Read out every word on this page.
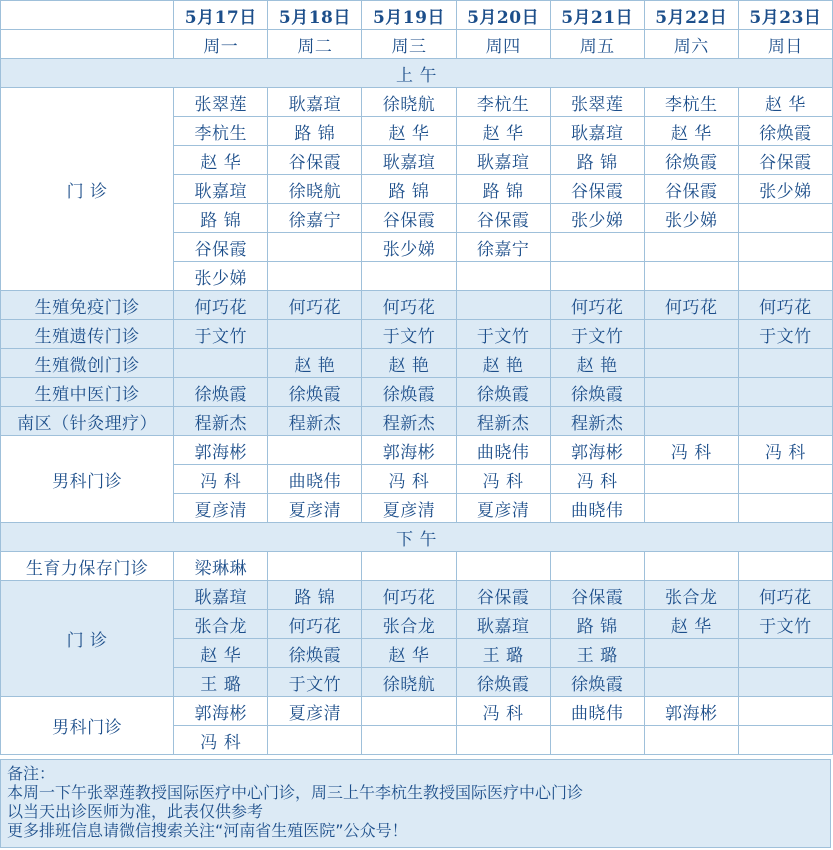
	5月17日	5月18日	5月19日	5月20日	5月21日	5月22日	5月23日
	周一	周二	周三	周四	周五	周六	周日
上 午							
门 诊	张翠莲	耿嘉瑄	徐晓航	李杭生	张翠莲	李杭生	赵 华
	李杭生	路 锦	赵 华	赵 华	耿嘉瑄	赵 华	徐焕霞
	赵 华	谷保霞	耿嘉瑄	耿嘉瑄	路 锦	徐焕霞	谷保霞
	耿嘉瑄	徐晓航	路 锦	路 锦	谷保霞	谷保霞	张少娣
	路 锦	徐嘉宁	谷保霞	谷保霞	张少娣	张少娣	
	谷保霞		张少娣	徐嘉宁			
	张少娣						
生殖免疫门诊	何巧花	何巧花	何巧花		何巧花	何巧花	何巧花
生殖遗传门诊	于文竹		于文竹	于文竹	于文竹		于文竹
生殖微创门诊		赵 艳	赵 艳	赵 艳	赵 艳		
生殖中医门诊	徐焕霞	徐焕霞	徐焕霞	徐焕霞	徐焕霞		
南区（针灸理疗）	程新杰	程新杰	程新杰	程新杰	程新杰		
男科门诊	郭海彬		郭海彬	曲晓伟	郭海彬	冯 科	冯 科
	冯 科	曲晓伟	冯 科	冯 科	冯 科		
	夏彦清	夏彦清	夏彦清	夏彦清	曲晓伟		
下 午							
生育力保存门诊	梁琳琳						
门 诊	耿嘉瑄	路 锦	何巧花	谷保霞	谷保霞	张合龙	何巧花
	张合龙	何巧花	张合龙	耿嘉瑄	路 锦	赵 华	于文竹
	赵 华	徐焕霞	赵 华	王 璐	王 璐		
	王 璐	于文竹	徐晓航	徐焕霞	徐焕霞		
男科门诊	郭海彬	夏彦清		冯 科	曲晓伟	郭海彬	
	冯 科						
备注：
本周一下午张翠莲教授国际医疗中心门诊，周三上午李杭生教授国际医疗中心门诊
以当天出诊医师为准，此表仅供参考
更多排班信息请微信搜索关注“河南省生殖医院”公众号！
